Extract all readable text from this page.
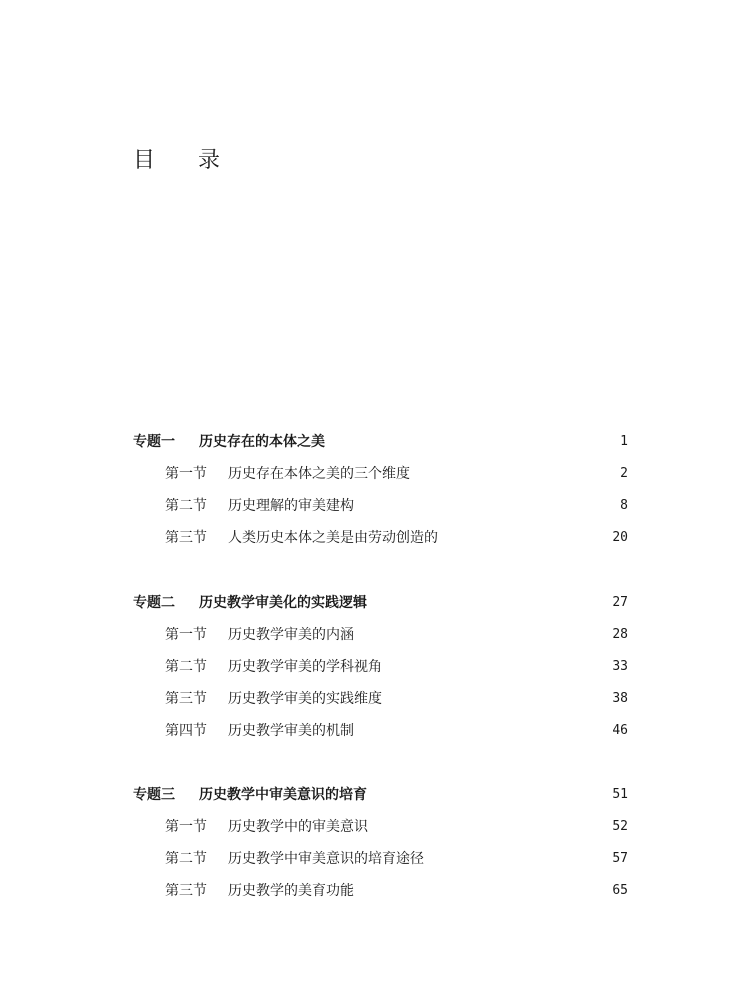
目 录
专题一	历史存在的本体之美	1
第一节	历史存在本体之美的三个维度	2
第二节	历史理解的审美建构	8
第三节	人类历史本体之美是由劳动创造的	20
专题二	历史教学审美化的实践逻辑	27
第一节	历史教学审美的内涵	28
第二节	历史教学审美的学科视角	33
第三节	历史教学审美的实践维度	38
第四节	历史教学审美的机制	46
专题三	历史教学中审美意识的培育	51
第一节	历史教学中的审美意识	52
第二节	历史教学中审美意识的培育途径	57
第三节	历史教学的美育功能	65
